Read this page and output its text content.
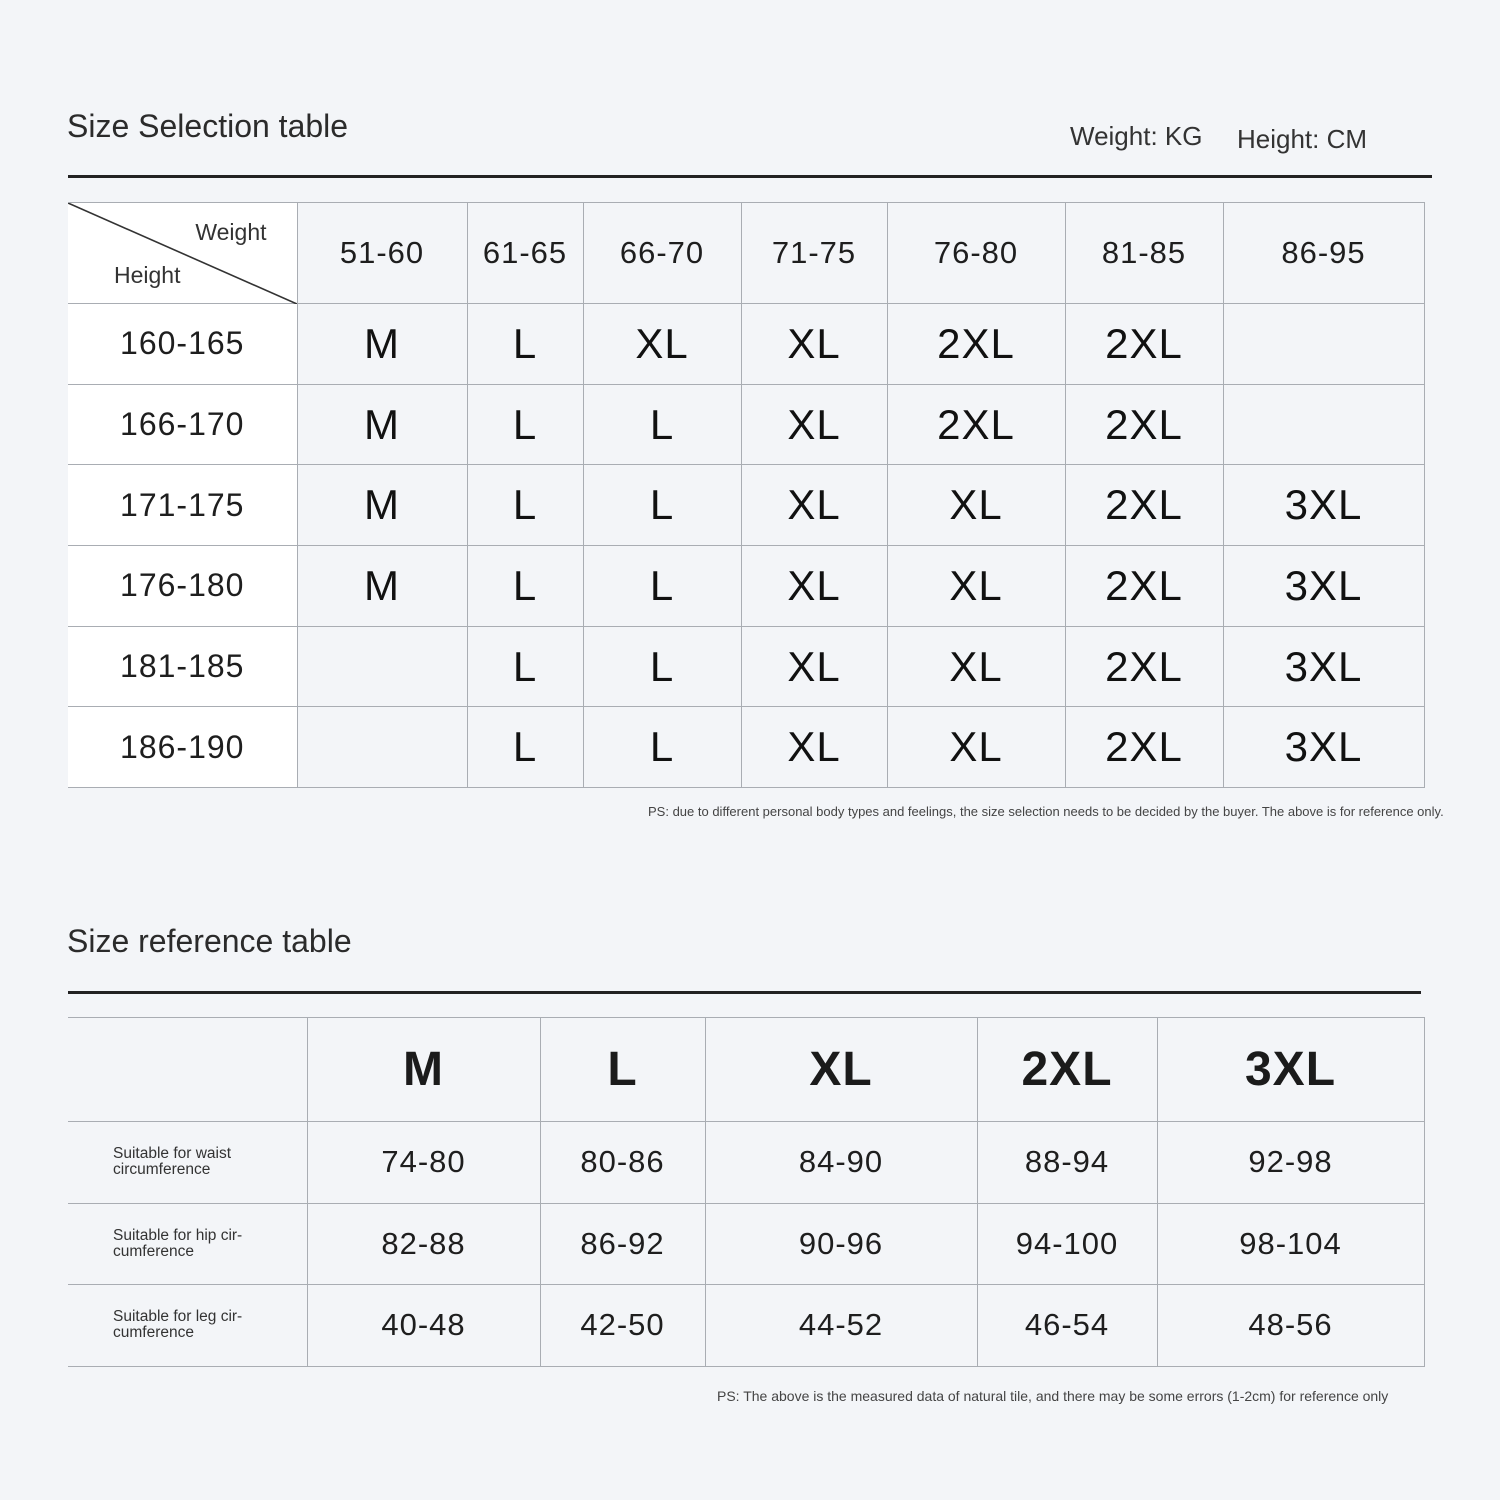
Size Selection table	Weight: KG Height: CM
Weight
Height	51-60	61-65	66-70	71-75	76-80	81-85	86-95
160-165	M	L	XL	XL	2XL	2XL	
166-170	M	L	L	XL	2XL	2XL	
171-175	M	L	L	XL	XL	2XL	3XL
176-180	M	L	L	XL	XL	2XL	3XL
181-185		L	L	XL	XL	2XL	3XL
186-190		L	L	XL	XL	2XL	3XL
PS: due to different personal body types and feelings, the size selection needs to be decided by the buyer. The above is for reference only.
Size reference table
	M	L	XL	2XL	3XL
Suitable for waist circumference	74-80	80-86	84-90	88-94	92-98
Suitable for hip cir-cumference	82-88	86-92	90-96	94-100	98-104
Suitable for leg cir-cumference	40-48	42-50	44-52	46-54	48-56
PS: The above is the measured data of natural tile, and there may be some errors (1-2cm) for reference only
